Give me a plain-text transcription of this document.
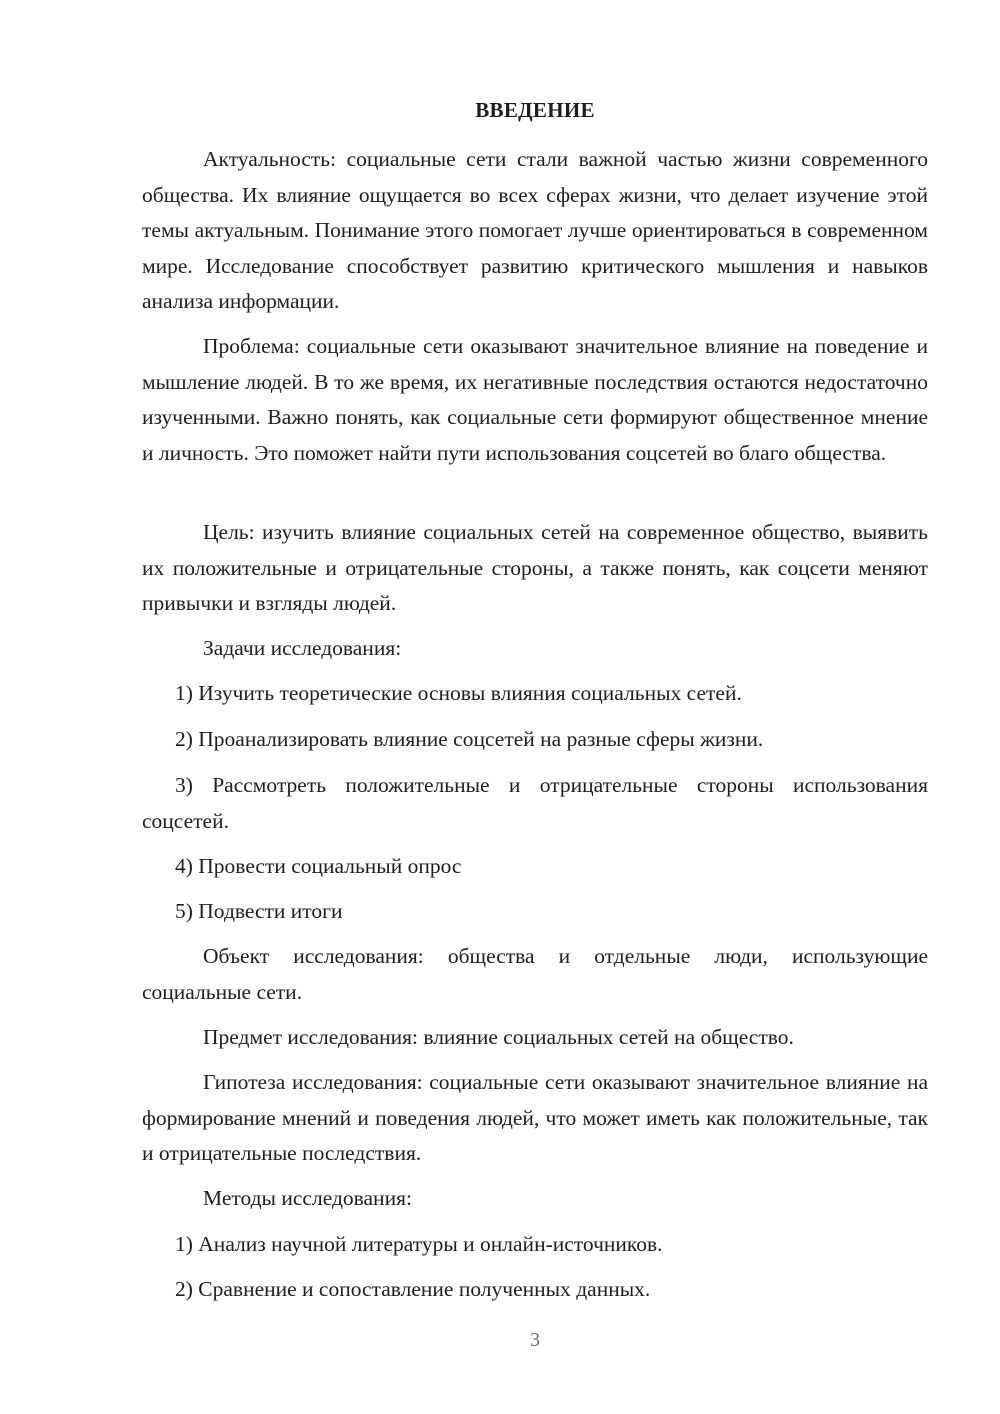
ВВЕДЕНИЕ
Актуальность: социальные сети стали важной частью жизни современного общества. Их влияние ощущается во всех сферах жизни, что делает изучение этой темы актуальным. Понимание этого помогает лучше ориентироваться в современном мире. Исследование способствует развитию критического мышления и навыков анализа информации.
Проблема: социальные сети оказывают значительное влияние на поведение и мышление людей. В то же время, их негативные последствия остаются недостаточно изученными. Важно понять, как социальные сети формируют общественное мнение и личность. Это поможет найти пути использования соцсетей во благо общества.
Цель: изучить влияние социальных сетей на современное общество, выявить их положительные и отрицательные стороны, а также понять, как соцсети меняют привычки и взгляды людей.
Задачи исследования:
1) Изучить теоретические основы влияния социальных сетей.
2) Проанализировать влияние соцсетей на разные сферы жизни.
3) Рассмотреть положительные и отрицательные стороны использования соцсетей.
4) Провести социальный опрос
5) Подвести итоги
Объект исследования: общества и отдельные люди, использующие социальные сети.
Предмет исследования: влияние социальных сетей на общество.
Гипотеза исследования: социальные сети оказывают значительное влияние на формирование мнений и поведения людей, что может иметь как положительные, так и отрицательные последствия.
Методы исследования:
1) Анализ научной литературы и онлайн-источников.
2) Сравнение и сопоставление полученных данных.
3
